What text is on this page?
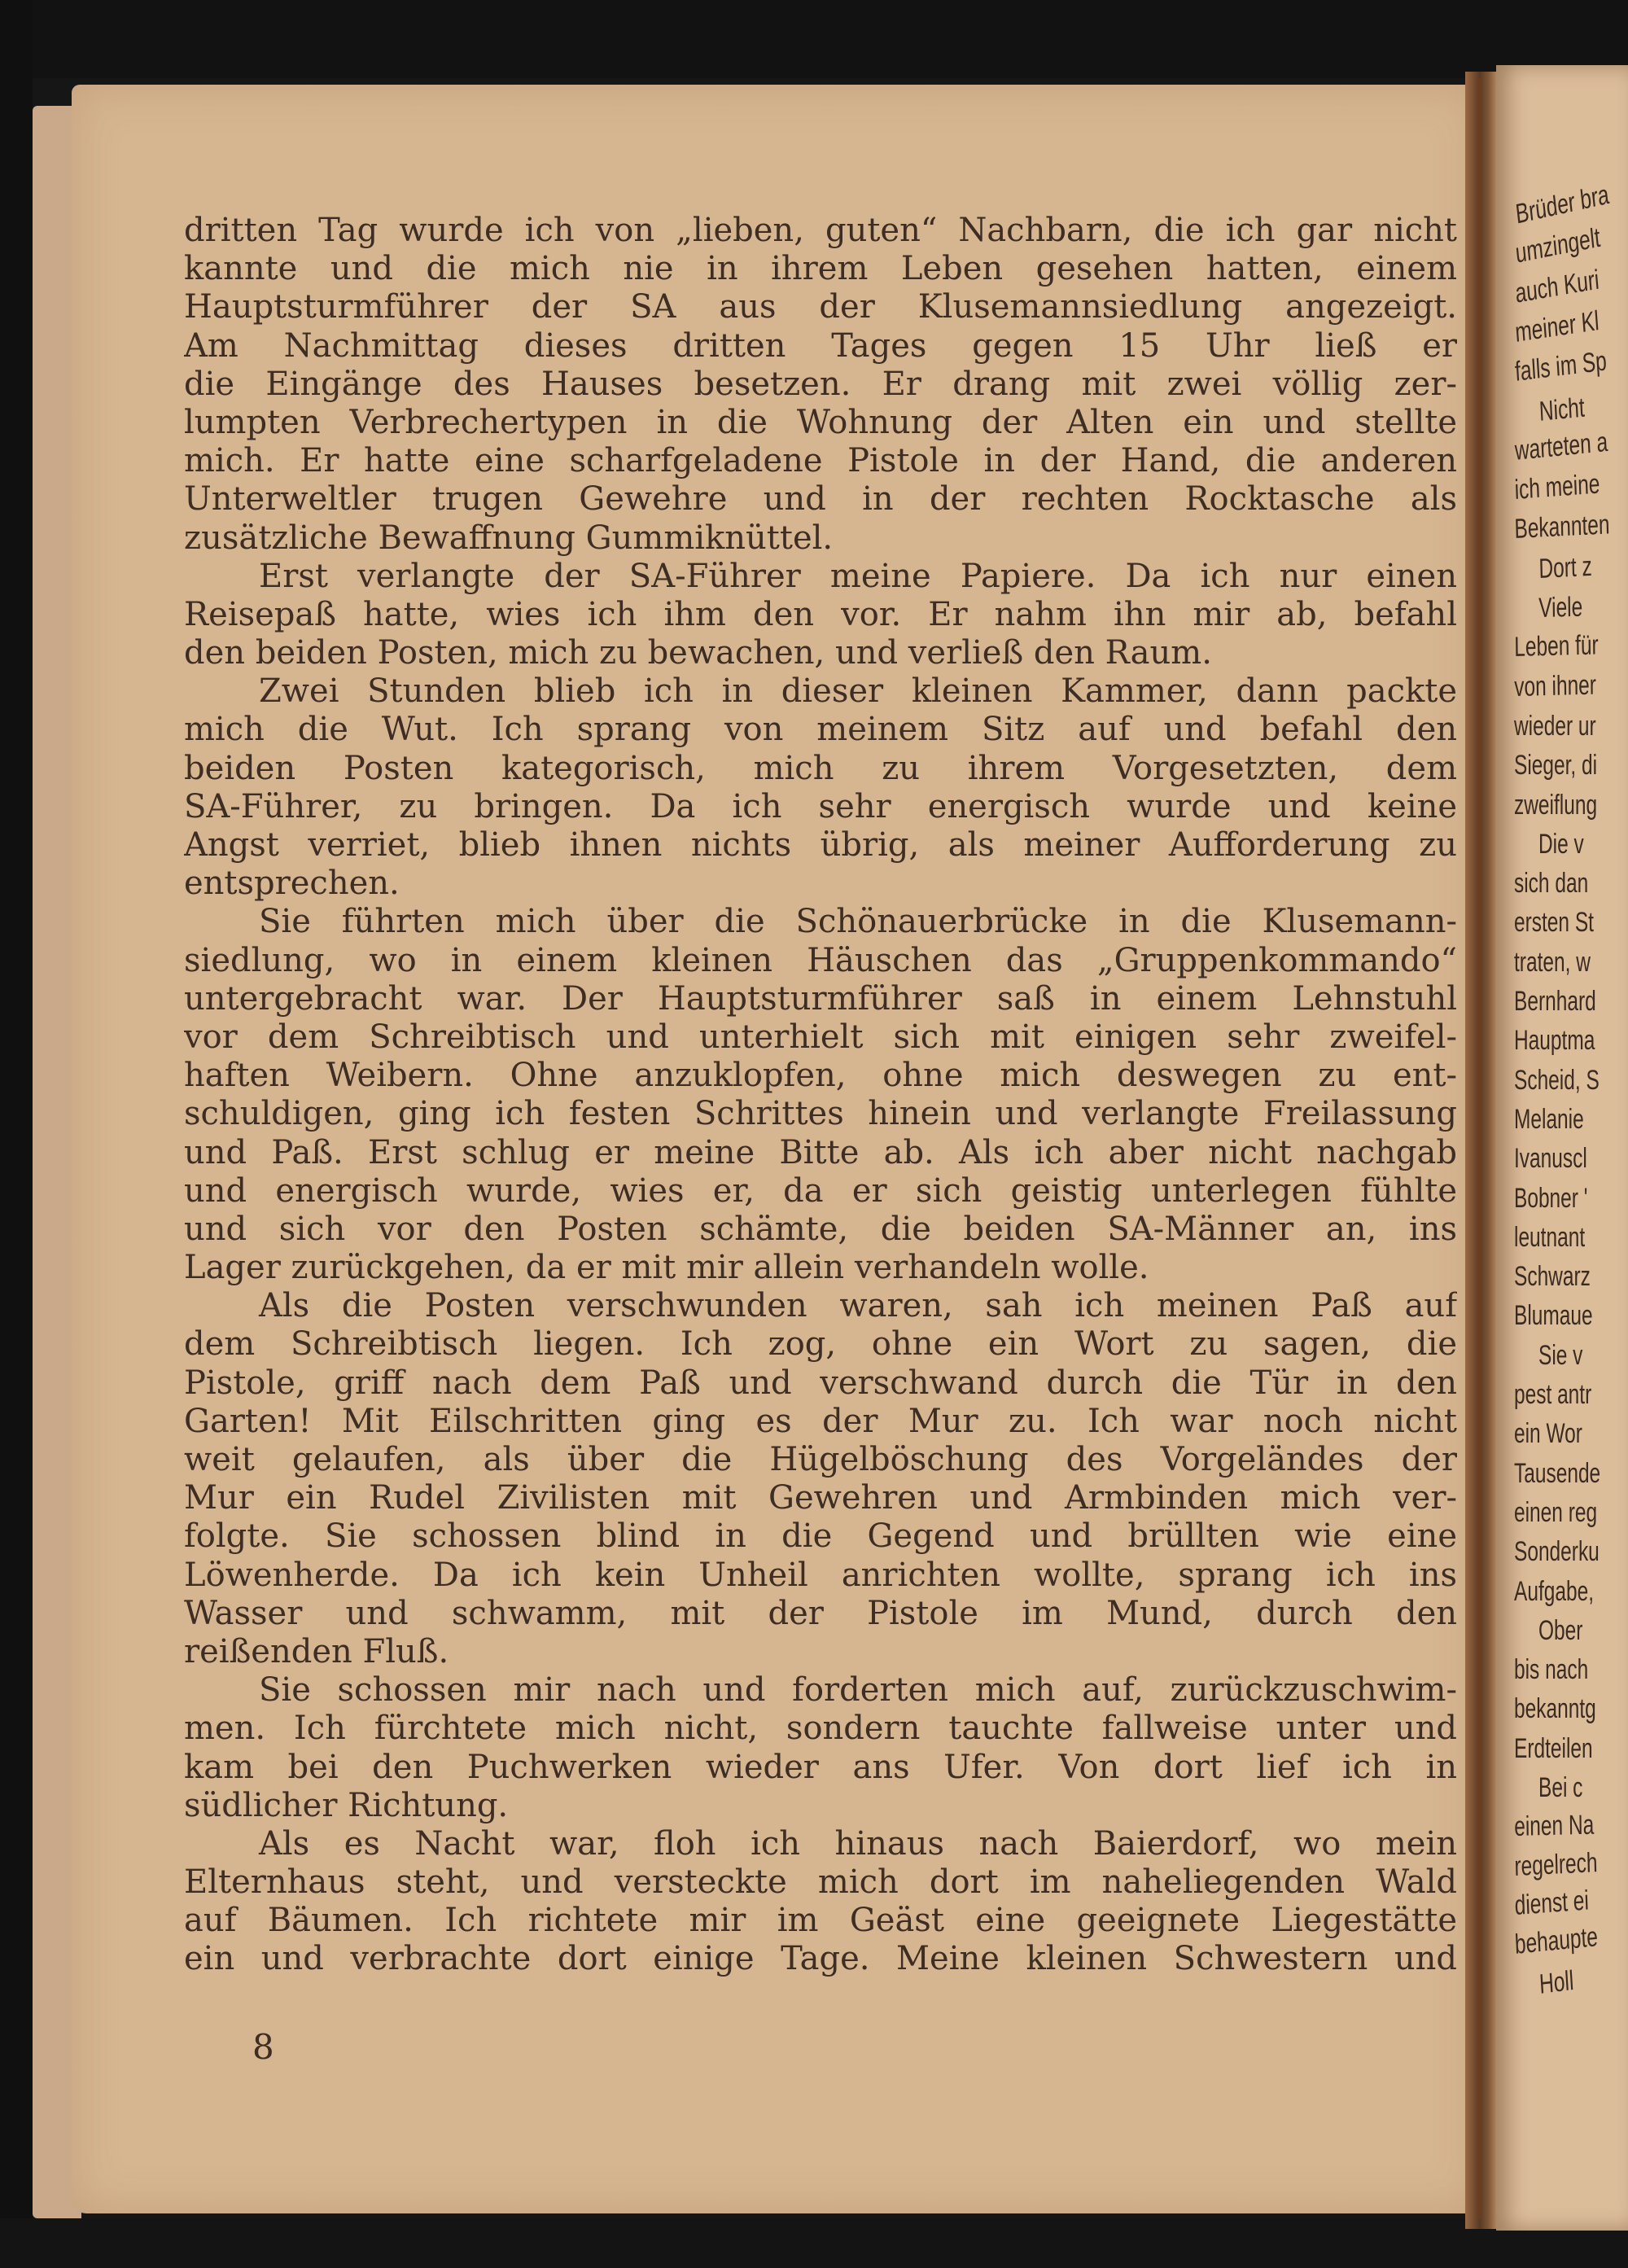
dritten Tag wurde ich von „lieben, guten“ Nachbarn, die ich gar nicht
kannte und die mich nie in ihrem Leben gesehen hatten, einem
Hauptsturmführer der SA aus der Klusemannsiedlung angezeigt.
Am Nachmittag dieses dritten Tages gegen 15 Uhr ließ er
die Eingänge des Hauses besetzen. Er drang mit zwei völlig zer-
lumpten Verbrechertypen in die Wohnung der Alten ein und stellte
mich. Er hatte eine scharfgeladene Pistole in der Hand, die anderen
Unterweltler trugen Gewehre und in der rechten Rocktasche als
zusätzliche Bewaffnung Gummiknüttel.
Erst verlangte der SA-Führer meine Papiere. Da ich nur einen
Reisepaß hatte, wies ich ihm den vor. Er nahm ihn mir ab, befahl
den beiden Posten, mich zu bewachen, und verließ den Raum.
Zwei Stunden blieb ich in dieser kleinen Kammer, dann packte
mich die Wut. Ich sprang von meinem Sitz auf und befahl den
beiden Posten kategorisch, mich zu ihrem Vorgesetzten, dem
SA-Führer, zu bringen. Da ich sehr energisch wurde und keine
Angst verriet, blieb ihnen nichts übrig, als meiner Aufforderung zu
entsprechen.
Sie führten mich über die Schönauerbrücke in die Klusemann-
siedlung, wo in einem kleinen Häuschen das „Gruppenkommando“
untergebracht war. Der Hauptsturmführer saß in einem Lehnstuhl
vor dem Schreibtisch und unterhielt sich mit einigen sehr zweifel-
haften Weibern. Ohne anzuklopfen, ohne mich deswegen zu ent-
schuldigen, ging ich festen Schrittes hinein und verlangte Freilassung
und Paß. Erst schlug er meine Bitte ab. Als ich aber nicht nachgab
und energisch wurde, wies er, da er sich geistig unterlegen fühlte
und sich vor den Posten schämte, die beiden SA-Männer an, ins
Lager zurückgehen, da er mit mir allein verhandeln wolle.
Als die Posten verschwunden waren, sah ich meinen Paß auf
dem Schreibtisch liegen. Ich zog, ohne ein Wort zu sagen, die
Pistole, griff nach dem Paß und verschwand durch die Tür in den
Garten! Mit Eilschritten ging es der Mur zu. Ich war noch nicht
weit gelaufen, als über die Hügelböschung des Vorgeländes der
Mur ein Rudel Zivilisten mit Gewehren und Armbinden mich ver-
folgte. Sie schossen blind in die Gegend und brüllten wie eine
Löwenherde. Da ich kein Unheil anrichten wollte, sprang ich ins
Wasser und schwamm, mit der Pistole im Mund, durch den
reißenden Fluß.
Sie schossen mir nach und forderten mich auf, zurückzuschwim-
men. Ich fürchtete mich nicht, sondern tauchte fallweise unter und
kam bei den Puchwerken wieder ans Ufer. Von dort lief ich in
südlicher Richtung.
Als es Nacht war, floh ich hinaus nach Baierdorf, wo mein
Elternhaus steht, und versteckte mich dort im naheliegenden Wald
auf Bäumen. Ich richtete mir im Geäst eine geeignete Liegestätte
ein und verbrachte dort einige Tage. Meine kleinen Schwestern und
8
Brüder bra
umzingelt
auch Kuri
meiner Kl
falls im Sp
Nicht
warteten a
ich meine
Bekannten
Dort z
Viele
Leben für
von ihner
wieder ur
Sieger, di
zweiflung
Die v
sich dan
ersten St
traten, w
Bernhard
Hauptma
Scheid, S
Melanie
Ivanuscl
Bobner '
leutnant
Schwarz
Blumaue
Sie v
pest antr
ein Wor
Tausende
einen reg
Sonderku
Aufgabe,
Ober
bis nach
bekanntg
Erdteilen
Bei c
einen Na
regelrech
dienst ei
behaupte
Holl
